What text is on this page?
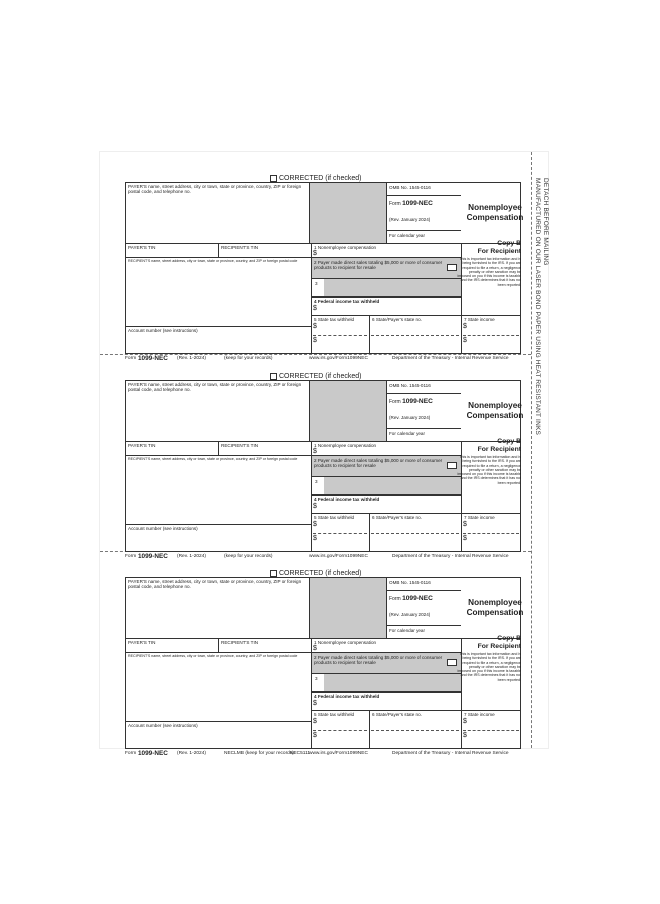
DETACH BEFORE MAILING
MANUFACTURED ON OUR LASER BOND PAPER USING HEAT RESISTANT INKS
CORRECTED (if checked)
PAYER'S name, street address, city or town, state or province, country, ZIP or foreign postal code, and telephone no.
OMB No. 1545-0116
Form 1099-NEC
(Rev. January 2024)
For calendar year
Nonemployee Compensation
PAYER'S TIN	RECIPIENT'S TIN
RECIPIENT'S name, street address, city or town, state or province, country, and ZIP or foreign postal code
Account number (see instructions)
1 Nonemployee compensation
$
2 Payer made direct sales totaling $5,000 or more of consumer products to recipient for resale
3
4 Federal income tax withheld
$
5 State tax withheld
$
$
6 State/Payer's state no.	7 State income
$
$
Copy B
For Recipient
This is important tax information and is being furnished to the IRS. If you are required to file a return, a negligence penalty or other sanction may be imposed on you if this income is taxable and the IRS determines that it has not been reported.
Form 1099-NEC (Rev. 1-2024)	(keep for your records)	www.irs.gov/Form1099NEC	Department of the Treasury - Internal Revenue Service
CORRECTED (if checked)
PAYER'S name, street address, city or town, state or province, country, ZIP or foreign postal code, and telephone no.
OMB No. 1545-0116
Form 1099-NEC
(Rev. January 2024)
For calendar year
Nonemployee Compensation
PAYER'S TIN	RECIPIENT'S TIN
RECIPIENT'S name, street address, city or town, state or province, country, and ZIP or foreign postal code
Account number (see instructions)
1 Nonemployee compensation
$
2 Payer made direct sales totaling $5,000 or more of consumer products to recipient for resale
3
4 Federal income tax withheld
$
5 State tax withheld
$
$
6 State/Payer's state no.	7 State income
$
$
Copy B
For Recipient
This is important tax information and is being furnished to the IRS. If you are required to file a return, a negligence penalty or other sanction may be imposed on you if this income is taxable and the IRS determines that it has not been reported.
Form 1099-NEC (Rev. 1-2024)	(keep for your records)	www.irs.gov/Form1099NEC	Department of the Treasury - Internal Revenue Service
CORRECTED (if checked)
PAYER'S name, street address, city or town, state or province, country, ZIP or foreign postal code, and telephone no.
OMB No. 1545-0116
Form 1099-NEC
(Rev. January 2024)
For calendar year
Nonemployee Compensation
PAYER'S TIN	RECIPIENT'S TIN
RECIPIENT'S name, street address, city or town, state or province, country, and ZIP or foreign postal code
Account number (see instructions)
1 Nonemployee compensation
$
2 Payer made direct sales totaling $5,000 or more of consumer products to recipient for resale
3
4 Federal income tax withheld
$
5 State tax withheld
$
$
6 State/Payer's state no.	7 State income
$
$
Copy B
For Recipient
This is important tax information and is being furnished to the IRS. If you are required to file a return, a negligence penalty or other sanction may be imposed on you if this income is taxable and the IRS determines that it has not been reported.
Form 1099-NEC (Rev. 1-2024)	NECLMB (keep for your records)
NEC5111
www.irs.gov/Form1099NEC	Department of the Treasury - Internal Revenue Service
